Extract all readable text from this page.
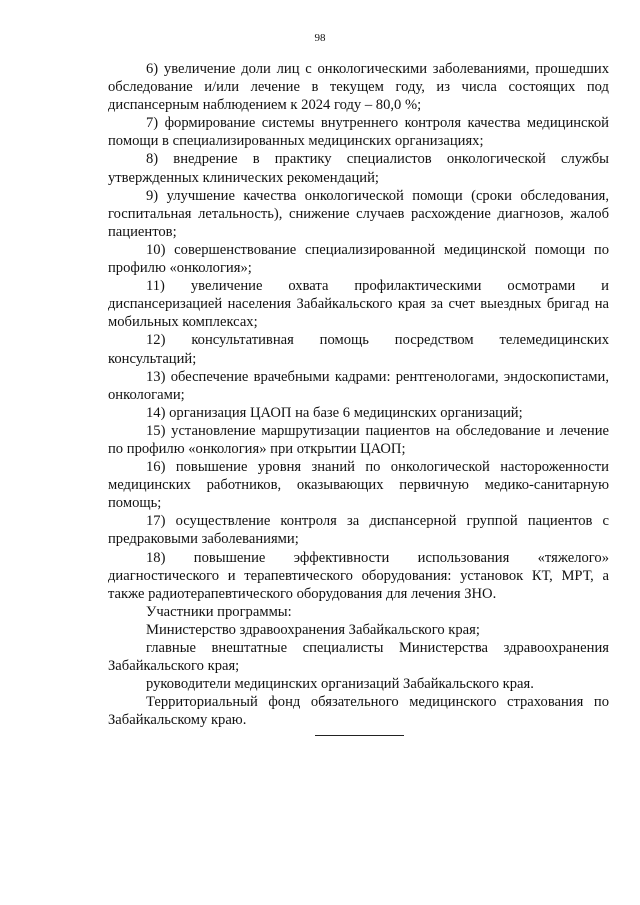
98

6) увеличение доли лиц с онкологическими заболеваниями, прошедших обследование и/или лечение в текущем году, из числа состоящих под диспансерным наблюдением к 2024 году – 80,0 %;

7) формирование системы внутреннего контроля качества медицинской помощи в специализированных медицинских организациях;

8) внедрение в практику специалистов онкологической службы утвержденных клинических рекомендаций;

9) улучшение качества онкологической помощи (сроки обследования, госпитальная летальность), снижение случаев расхождение диагнозов, жалоб пациентов;

10) совершенствование специализированной медицинской помощи по профилю «онкология»;

11) увеличение охвата профилактическими осмотрами и диспансеризацией населения Забайкальского края за счет выездных бригад на мобильных комплексах;

12) консультативная помощь посредством телемедицинских консультаций;

13) обеспечение врачебными кадрами: рентгенологами, эндоскопистами, онкологами;

14) организация ЦАОП на базе 6 медицинских организаций;

15) установление маршрутизации пациентов на обследование и лечение по профилю «онкология» при открытии ЦАОП;

16) повышение уровня знаний по онкологической настороженности медицинских работников, оказывающих первичную медико-санитарную помощь;

17) осуществление контроля за диспансерной группой пациентов с предраковыми заболеваниями;

18) повышение эффективности использования «тяжелого» диагностического и терапевтического оборудования: установок КТ, МРТ, а также радиотерапевтического оборудования для лечения ЗНО.

Участники программы:

Министерство здравоохранения Забайкальского края;

главные внештатные специалисты Министерства здравоохранения Забайкальского края;

руководители медицинских организаций Забайкальского края.

Территориальный фонд обязательного медицинского страхования по Забайкальскому краю.
